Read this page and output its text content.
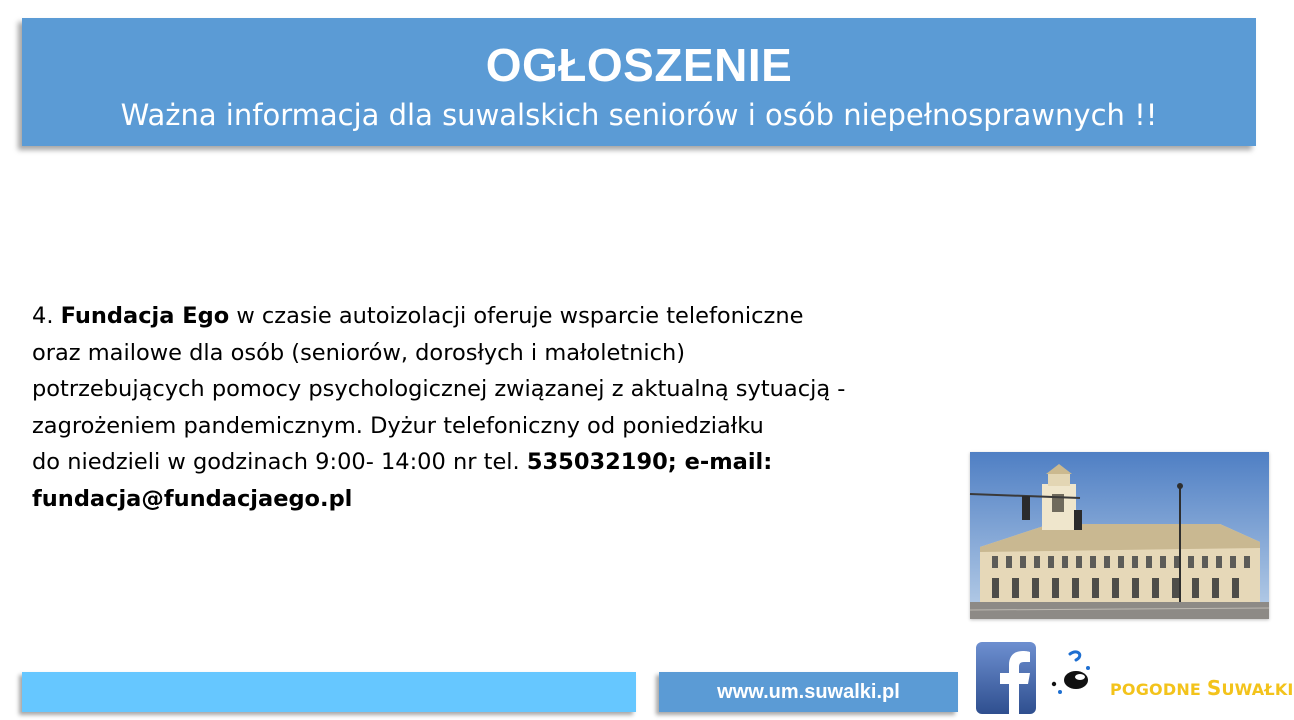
OGŁOSZENIE
Ważna informacja dla suwalskich seniorów i osób niepełnosprawnych !!
4. Fundacja Ego w czasie autoizolacji oferuje wsparcie telefoniczne
oraz mailowe dla osób (seniorów, dorosłych i małoletnich)
potrzebujących pomocy psychologicznej związanej z aktualną sytuacją -
zagrożeniem pandemicznym. Dyżur telefoniczny od poniedziałku
do niedzieli w godzinach 9:00- 14:00 nr tel. 535032190; e-mail:
fundacja@fundacjaego.pl
www.um.suwalki.pl	POGODNE SUWAŁKI
